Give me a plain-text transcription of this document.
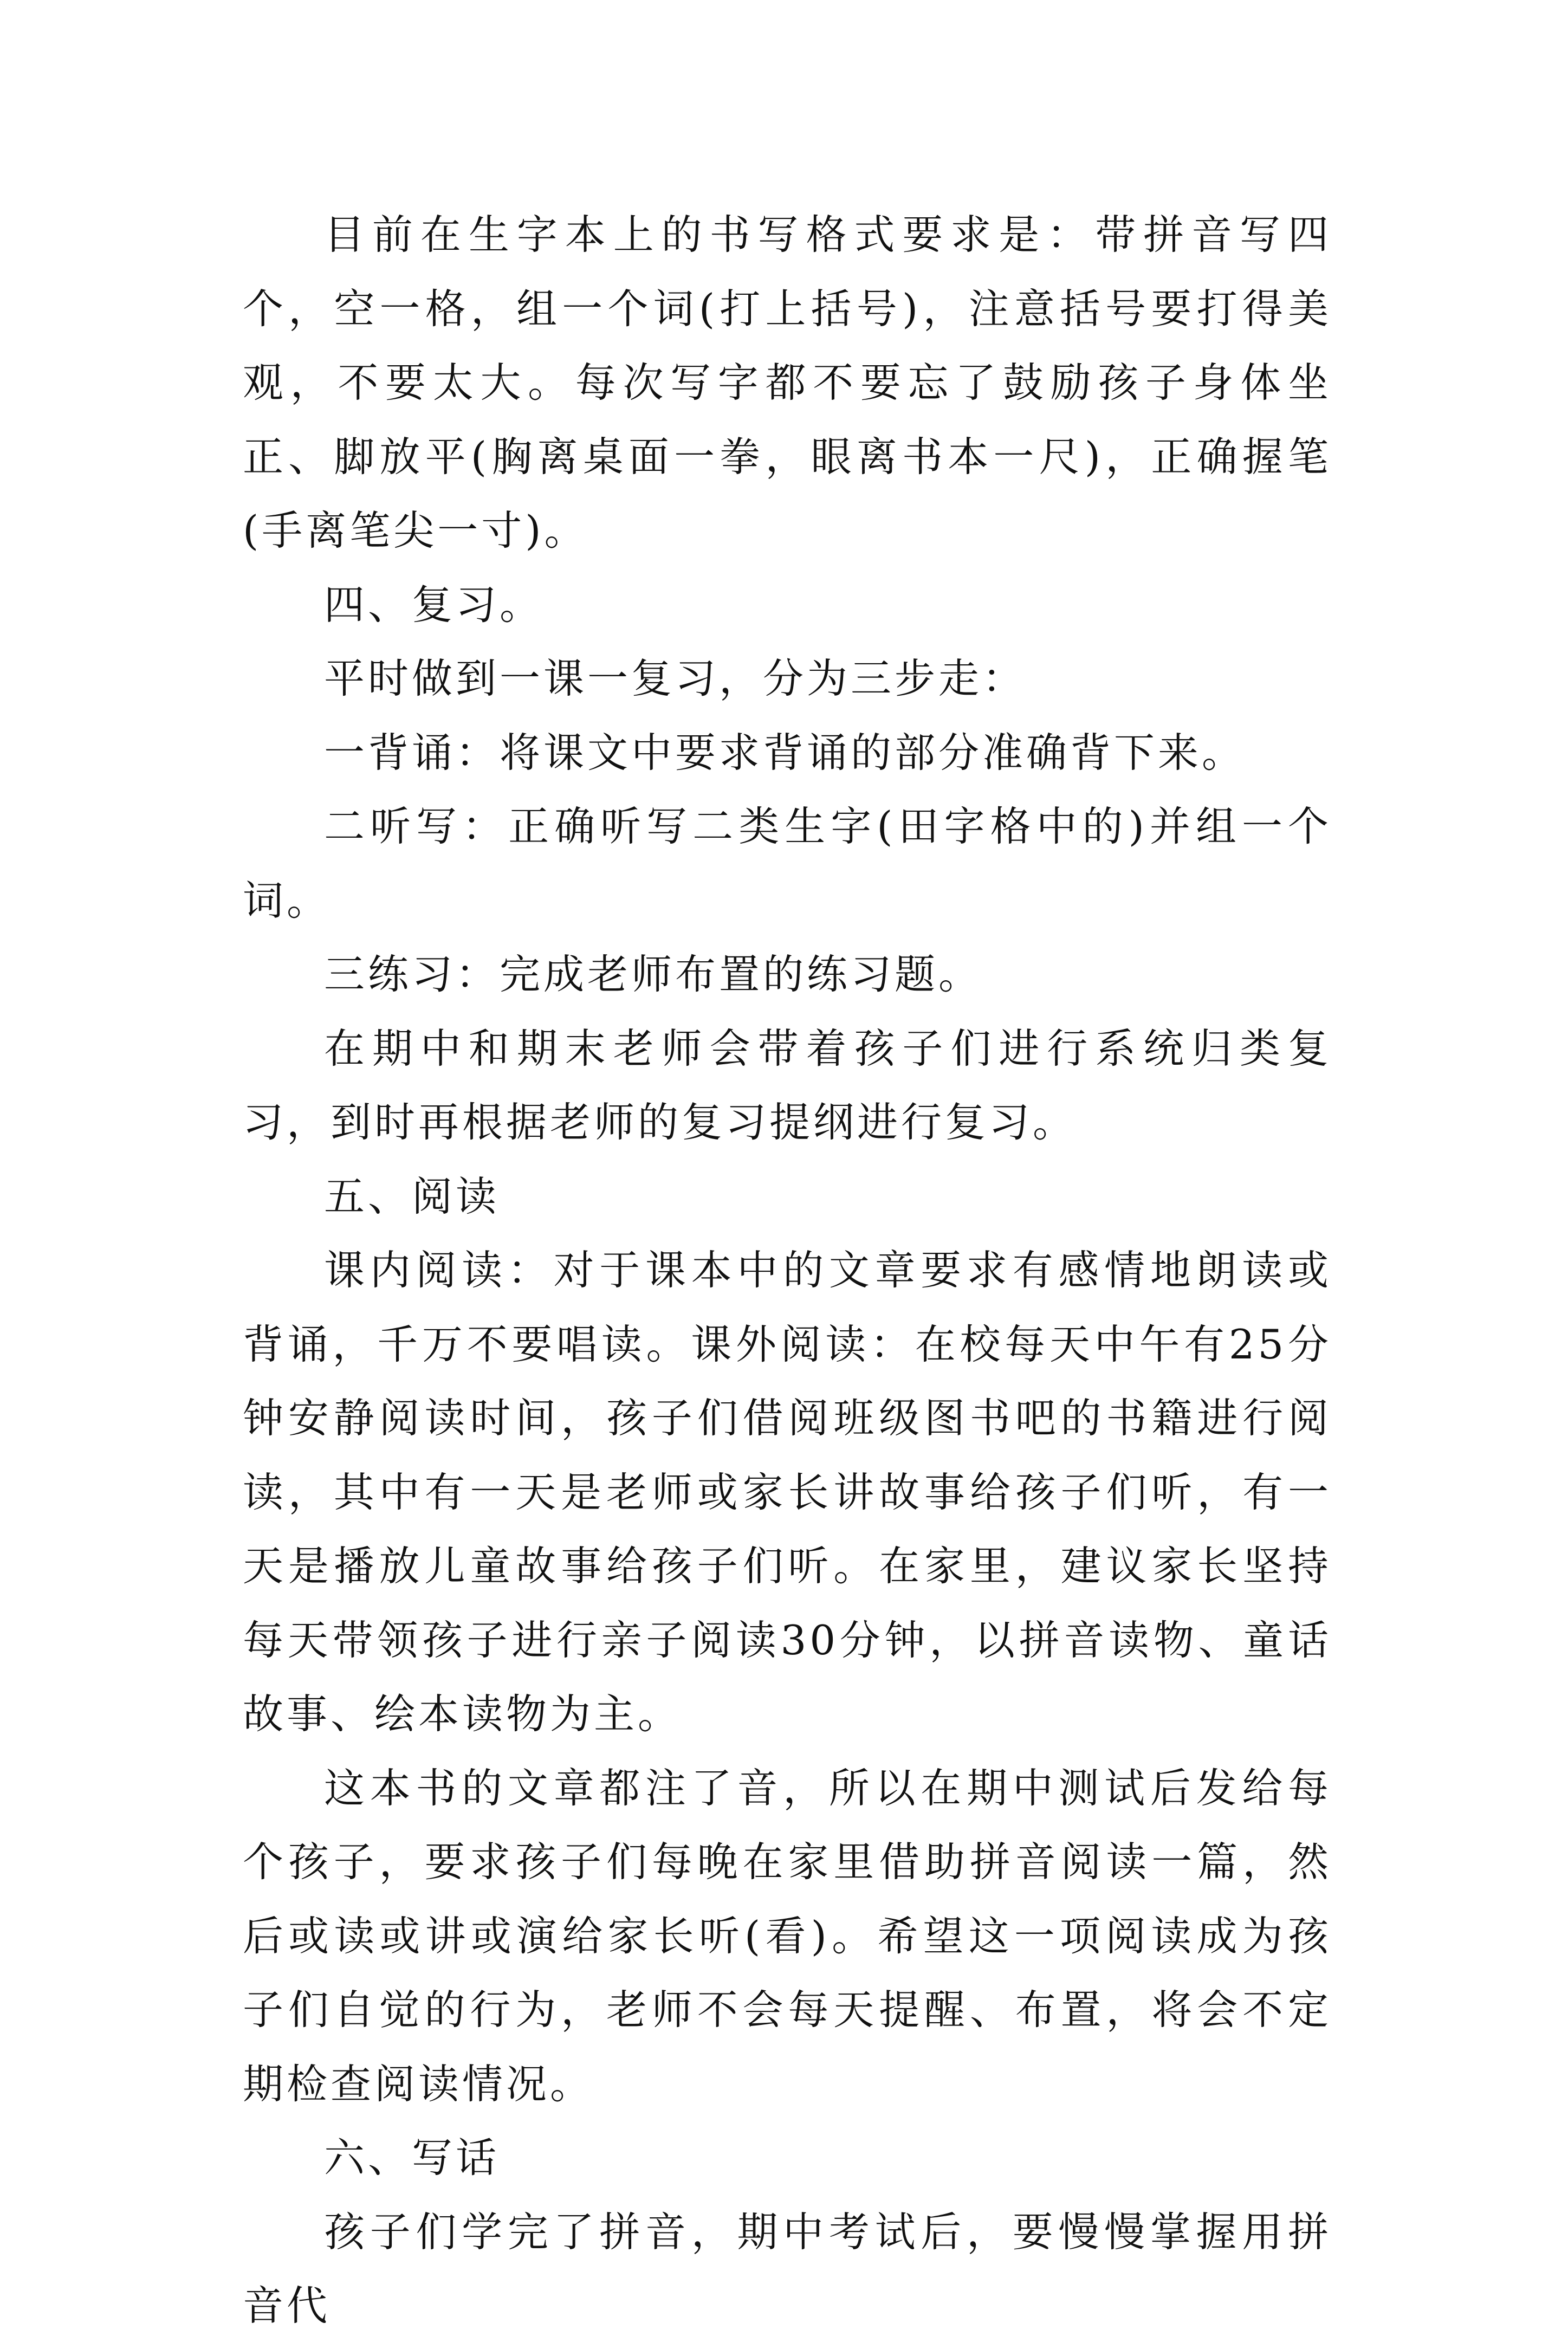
目前在生字本上的书写格式要求是：带拼音写四个，空一格，组一个词(打上括号)，注意括号要打得美观，不要太大。每次写字都不要忘了鼓励孩子身体坐正、脚放平(胸离桌面一拳，眼离书本一尺)，正确握笔(手离笔尖一寸)。

四、复习。

平时做到一课一复习，分为三步走：

一背诵：将课文中要求背诵的部分准确背下来。

二听写：正确听写二类生字(田字格中的)并组一个词。

三练习：完成老师布置的练习题。

在期中和期末老师会带着孩子们进行系统归类复习，到时再根据老师的复习提纲进行复习。

五、阅读

课内阅读：对于课本中的文章要求有感情地朗读或背诵，千万不要唱读。课外阅读：在校每天中午有25分钟安静阅读时间，孩子们借阅班级图书吧的书籍进行阅读，其中有一天是老师或家长讲故事给孩子们听，有一天是播放儿童故事给孩子们听。在家里，建议家长坚持每天带领孩子进行亲子阅读30分钟，以拼音读物、童话故事、绘本读物为主。

这本书的文章都注了音，所以在期中测试后发给每个孩子，要求孩子们每晚在家里借助拼音阅读一篇，然后或读或讲或演给家长听(看)。希望这一项阅读成为孩子们自觉的行为，老师不会每天提醒、布置，将会不定期检查阅读情况。

六、写话

孩子们学完了拼音，期中考试后，要慢慢掌握用拼音代
